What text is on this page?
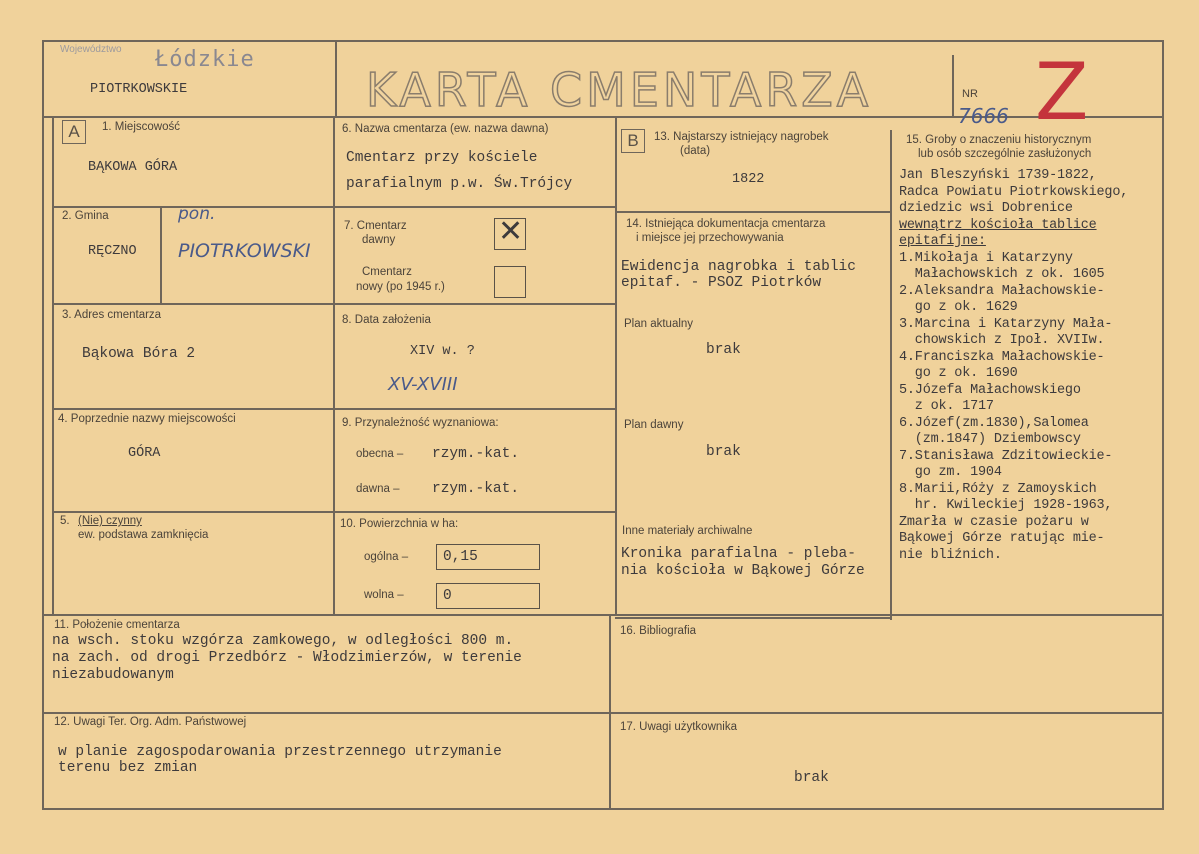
Województwo Łódzkie
PIOTRKOWSKIE	KARTA CMENTARZA	NR
7666 Z
A	B
1. Miejscowość
BĄKOWA GÓRA
2. Gmina
RĘCZNO
pon.
PIOTRKOWSKI
3. Adres cmentarza
Bąkowa Bóra 2
4. Poprzednie nazwy miejscowości
GÓRA
5. (Nie) czynny
ew. podstawa zamknięcia
6. Nazwa cmentarza (ew. nazwa dawna)
Cmentarz przy kościele
parafialnym p.w. Św.Trójcy
7. Cmentarz
dawny	✕
Cmentarz
nowy (po 1945 r.)
8. Data założenia
XIV w. ?
XV-XVIII
9. Przynależność wyznaniowa:
obecna – rzym.-kat.
dawna – rzym.-kat.
10. Powierzchnia w ha:
ogólna –	0,15
wolna –	0
11. Położenie cmentarza
na wsch. stoku wzgórza zamkowego, w odległości 800 m.
na zach. od drogi Przedbórz - Włodzimierzów, w terenie
niezabudowanym
12. Uwagi Ter. Org. Adm. Państwowej
w planie zagospodarowania przestrzennego utrzymanie
terenu bez zmian
13. Najstarszy istniejący nagrobek
(data)
1822
14. Istniejąca dokumentacja cmentarza
i miejsce jej przechowywania
Ewidencja nagrobka i tablic
epitaf. - PSOZ Piotrków
Plan aktualny
brak
Plan dawny
brak
Inne materiały archiwalne
Kronika parafialna - pleba-
nia kościoła w Bąkowej Górze
15. Groby o znaczeniu historycznym
lub osób szczególnie zasłużonych
Jan Bleszyński 1739-1822,
Radca Powiatu Piotrkowskiego,
dziedzic wsi Dobrenice
wewnątrz kościoła tablice
epitafijne:
1.Mikołaja i Katarzyny
Małachowskich z ok. 1605
2.Aleksandra Małachowskie-
go z ok. 1629
3.Marcina i Katarzyny Mała-
chowskich z Ipoł. XVIIw.
4.Franciszka Małachowskie-
go z ok. 1690
5.Józefa Małachowskiego
z ok. 1717
6.Józef(zm.1830),Salomea
(zm.1847) Dziembowscy
7.Stanisława Zdzitowieckie-
go zm. 1904
8.Marii,Róży z Zamoyskich
hr. Kwileckiej 1928-1963,
Zmarła w czasie pożaru w
Bąkowej Górze ratując mie-
nie bliźnich.
16. Bibliografia
17. Uwagi użytkownika
brak
